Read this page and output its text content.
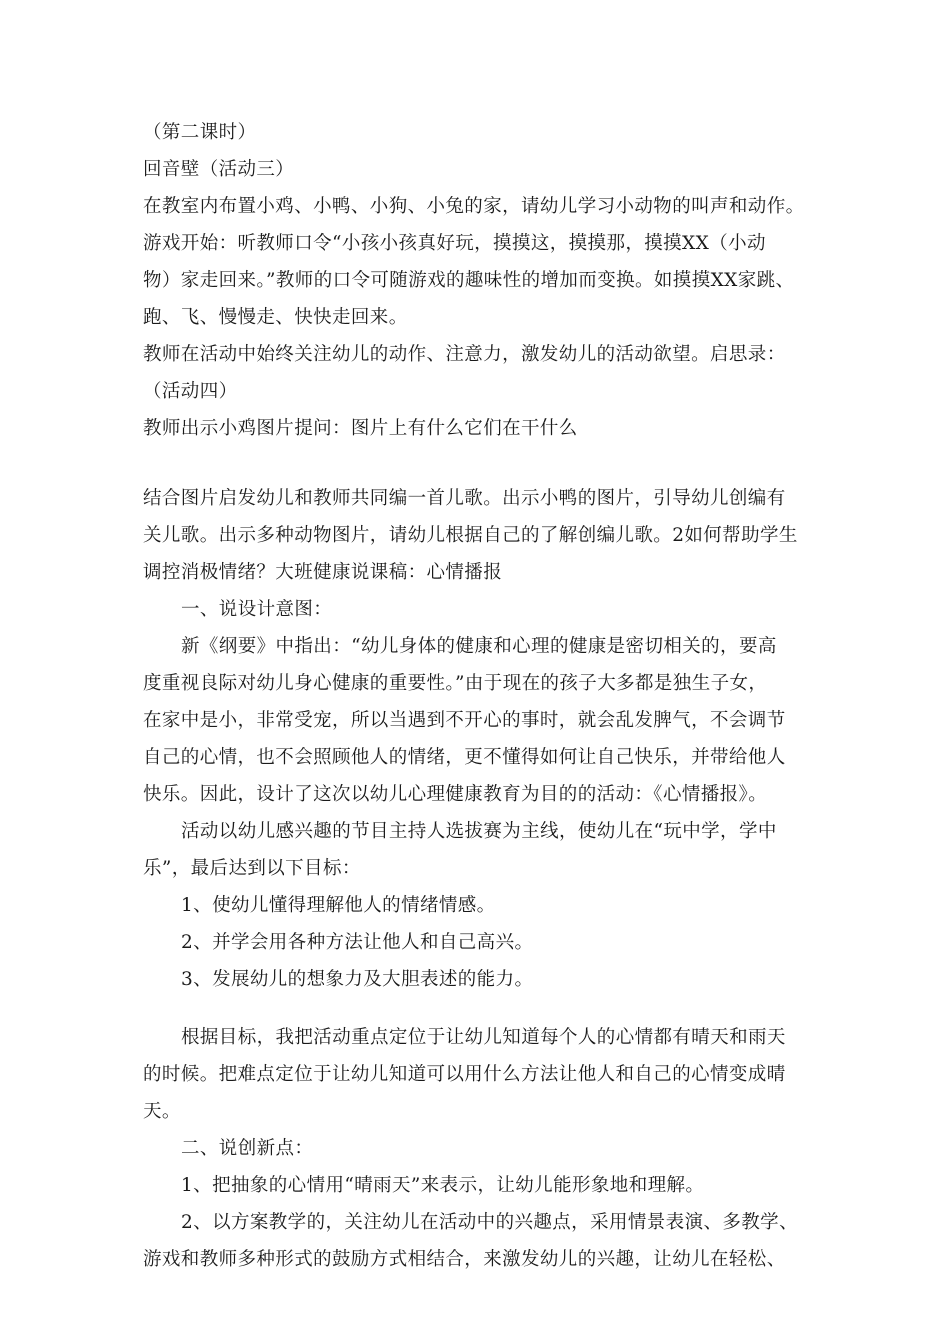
（第二课时）
回音壁（活动三）
在教室内布置小鸡、小鸭、小狗、小兔的家，请幼儿学习小动物的叫声和动作。
游戏开始：听教师口令“小孩小孩真好玩，摸摸这，摸摸那，摸摸XX（小动
物）家走回来。”教师的口令可随游戏的趣味性的增加而变换。如摸摸XX家跳、
跑、飞、慢慢走、快快走回来。
教师在活动中始终关注幼儿的动作、注意力，激发幼儿的活动欲望。启思录：
（活动四）
教师出示小鸡图片提问：图片上有什么它们在干什么
结合图片启发幼儿和教师共同编一首儿歌。出示小鸭的图片，引导幼儿创编有
关儿歌。出示多种动物图片，请幼儿根据自己的了解创编儿歌。2如何帮助学生
调控消极情绪？大班健康说课稿：心情播报
一、说设计意图：
新《纲要》中指出：“幼儿身体的健康和心理的健康是密切相关的，要高
度重视良际对幼儿身心健康的重要性。”由于现在的孩子大多都是独生子女，
在家中是小，非常受宠，所以当遇到不开心的事时，就会乱发脾气，不会调节
自己的心情，也不会照顾他人的情绪，更不懂得如何让自己快乐，并带给他人
快乐。因此，设计了这次以幼儿心理健康教育为目的的活动：《心情播报》。
活动以幼儿感兴趣的节目主持人选拔赛为主线，使幼儿在“玩中学，学中
乐”，最后达到以下目标：
1、使幼儿懂得理解他人的情绪情感。
2、并学会用各种方法让他人和自己高兴。
3、发展幼儿的想象力及大胆表述的能力。
根据目标，我把活动重点定位于让幼儿知道每个人的心情都有晴天和雨天
的时候。把难点定位于让幼儿知道可以用什么方法让他人和自己的心情变成晴
天。
二、说创新点：
1、把抽象的心情用“晴雨天”来表示，让幼儿能形象地和理解。
2、以方案教学的，关注幼儿在活动中的兴趣点，采用情景表演、多教学、
游戏和教师多种形式的鼓励方式相结合，来激发幼儿的兴趣，让幼儿在轻松、
